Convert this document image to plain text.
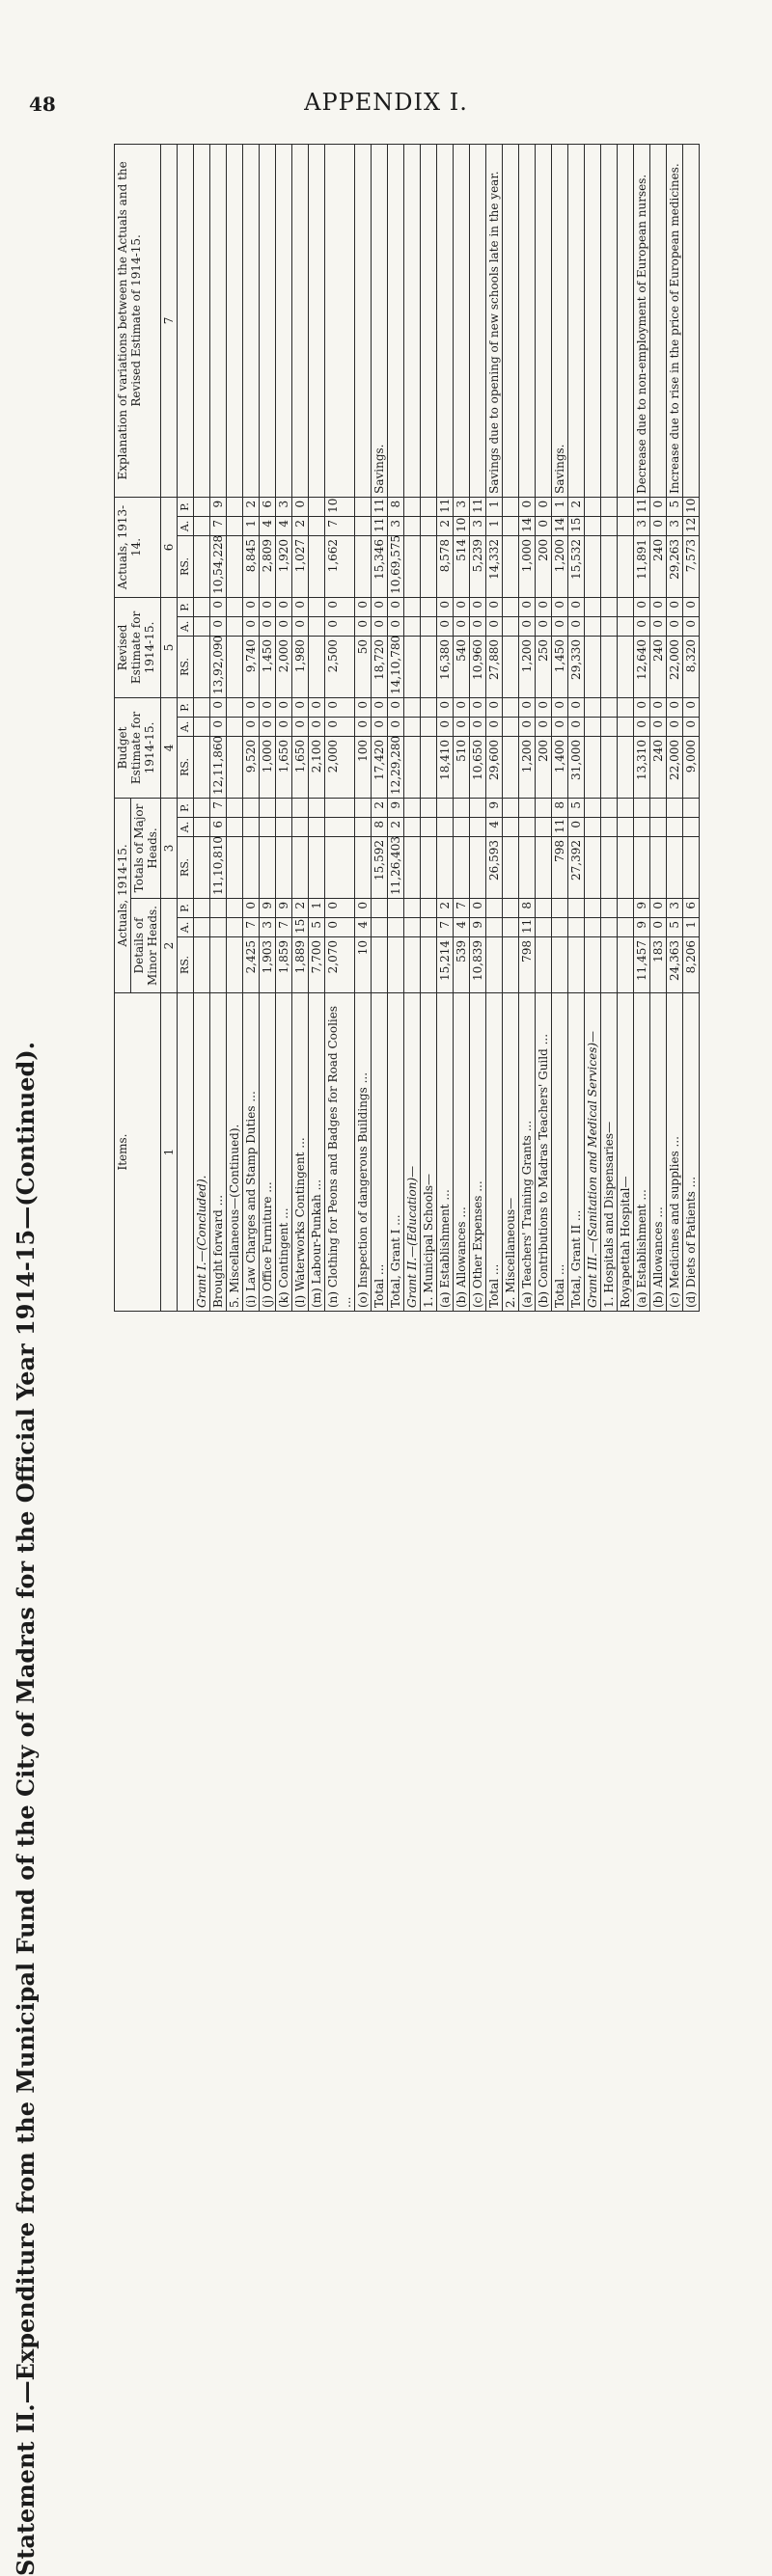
48	APPENDIX I.
Statement II.—Expenditure from the Municipal Fund of the City of Madras for the Official Year 1914-15—(Continued).	Items.	Actuals, 1914-15.						Budget Estimate for 1914-15.			Revised Estimate for 1914-15.			Actuals, 1913-14.			Explanation of variations between the Actuals and the Revised Estimate of 1914-15.
	Details of Minor Heads.			Totals of Major Heads.												
1	2			3			4			5			6			7
	RS.	A.	P.	RS.	A.	P.	RS.	A.	P.	RS.	A.	P.	RS.	A.	P.	
Grant I.—(Concluded).																
Brought forward ...				11,10,810	6	7	12,11,860	0	0	13,92,090	0	0	10,54,228	7	9	
5. Miscellaneous—(Continued).																
(i) Law Charges and Stamp Duties ...	2,425	7	0				9,520	0	0	9,740	0	0	8,845	1	2	
(j) Office Furniture ...	1,903	3	9				1,000	0	0	1,450	0	0	2,809	4	6	
(k) Contingent ...	1,859	7	9				1,650	0	0	2,000	0	0	1,920	4	3	
(l) Waterworks Contingent ...	1,889	15	2				1,650	0	0	1,980	0	0	1,027	2	0	
(m) Labour-Punkah ...	7,700	5	1				2,100	0	0							
(n) Clothing for Peons and Badges for Road Coolies ...	2,070	0	0				2,000	0	0	2,500	0	0	1,662	7	10	
(o) Inspection of dangerous Buildings ...	10	4	0				100	0	0	50	0	0				
Total ...				15,592	8	2	17,420	0	0	18,720	0	0	15,346	11	11	Savings.
Total, Grant I ...				11,26,403	2	9	12,29,280	0	0	14,10,780	0	0	10,69,575	3	8	
Grant II.—(Education)—																
1. Municipal Schools—																
(a) Establishment ...	15,214	7	2				18,410	0	0	16,380	0	0	8,578	2	11	
(b) Allowances ...	539	4	7				510	0	0	540	0	0	514	10	3	
(c) Other Expenses ...	10,839	9	0				10,650	0	0	10,960	0	0	5,239	3	11	
Total ...				26,593	4	9	29,600	0	0	27,880	0	0	14,332	1	1	Savings due to opening of new schools late in the year.
2. Miscellaneous—																
(a) Teachers' Training Grants ...	798	11	8				1,200	0	0	1,200	0	0	1,000	14	0	
(b) Contributions to Madras Teachers' Guild ...							200	0	0	250	0	0	200	0	0	
Total ...				798	11	8	1,400	0	0	1,450	0	0	1,200	14	1	Savings.
Total, Grant II ...				27,392	0	5	31,000	0	0	29,330	0	0	15,532	15	2	
Grant III.—(Sanitation and Medical Services)—																
1. Hospitals and Dispensaries—																
Royapettah Hospital—																
(a) Establishment ...	11,457	9	9				13,310	0	0	12,640	0	0	11,891	3	11	Decrease due to non-employment of European nurses.
(b) Allowances ...	183	0	0				240	0	0	240	0	0	240	0	0	
(c) Medicines and supplies ...	24,363	5	3				22,000	0	0	22,000	0	0	29,263	3	5	Increase due to rise in the price of European medicines.
(d) Diets of Patients ...	8,206	1	6				9,000	0	0	8,320	0	0	7,573	12	10	
